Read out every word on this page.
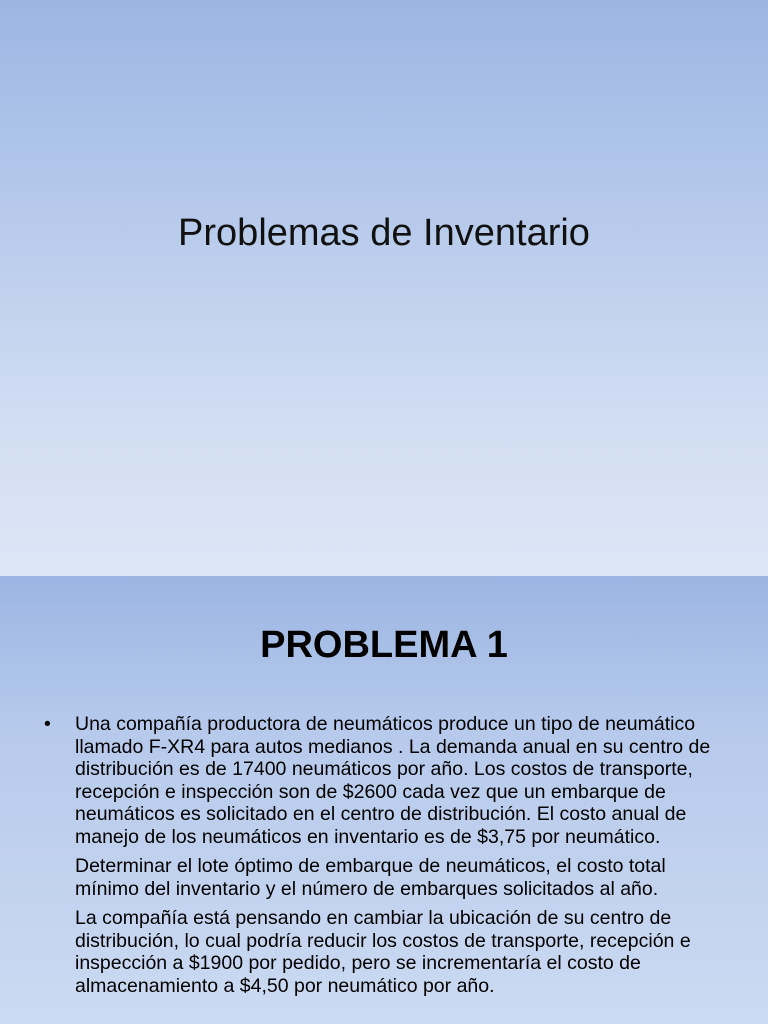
Problemas de Inventario
PROBLEMA 1

• Una compañía productora de neumáticos produce un tipo de neumático llamado F-XR4 para autos medianos . La demanda anual en su centro de distribución es de 17400 neumáticos por año. Los costos de transporte, recepción e inspección son de $2600 cada vez que un embarque de neumáticos es solicitado en el centro de distribución. El costo anual de manejo de los neumáticos en inventario es de $3,75 por neumático.

Determinar el lote óptimo de embarque de neumáticos, el costo total mínimo del inventario y el número de embarques solicitados al año.

La compañía está pensando en cambiar la ubicación de su centro de distribución, lo cual podría reducir los costos de transporte, recepción e inspección a $1900 por pedido, pero se incrementaría el costo de almacenamiento a $4,50 por neumático por año.
